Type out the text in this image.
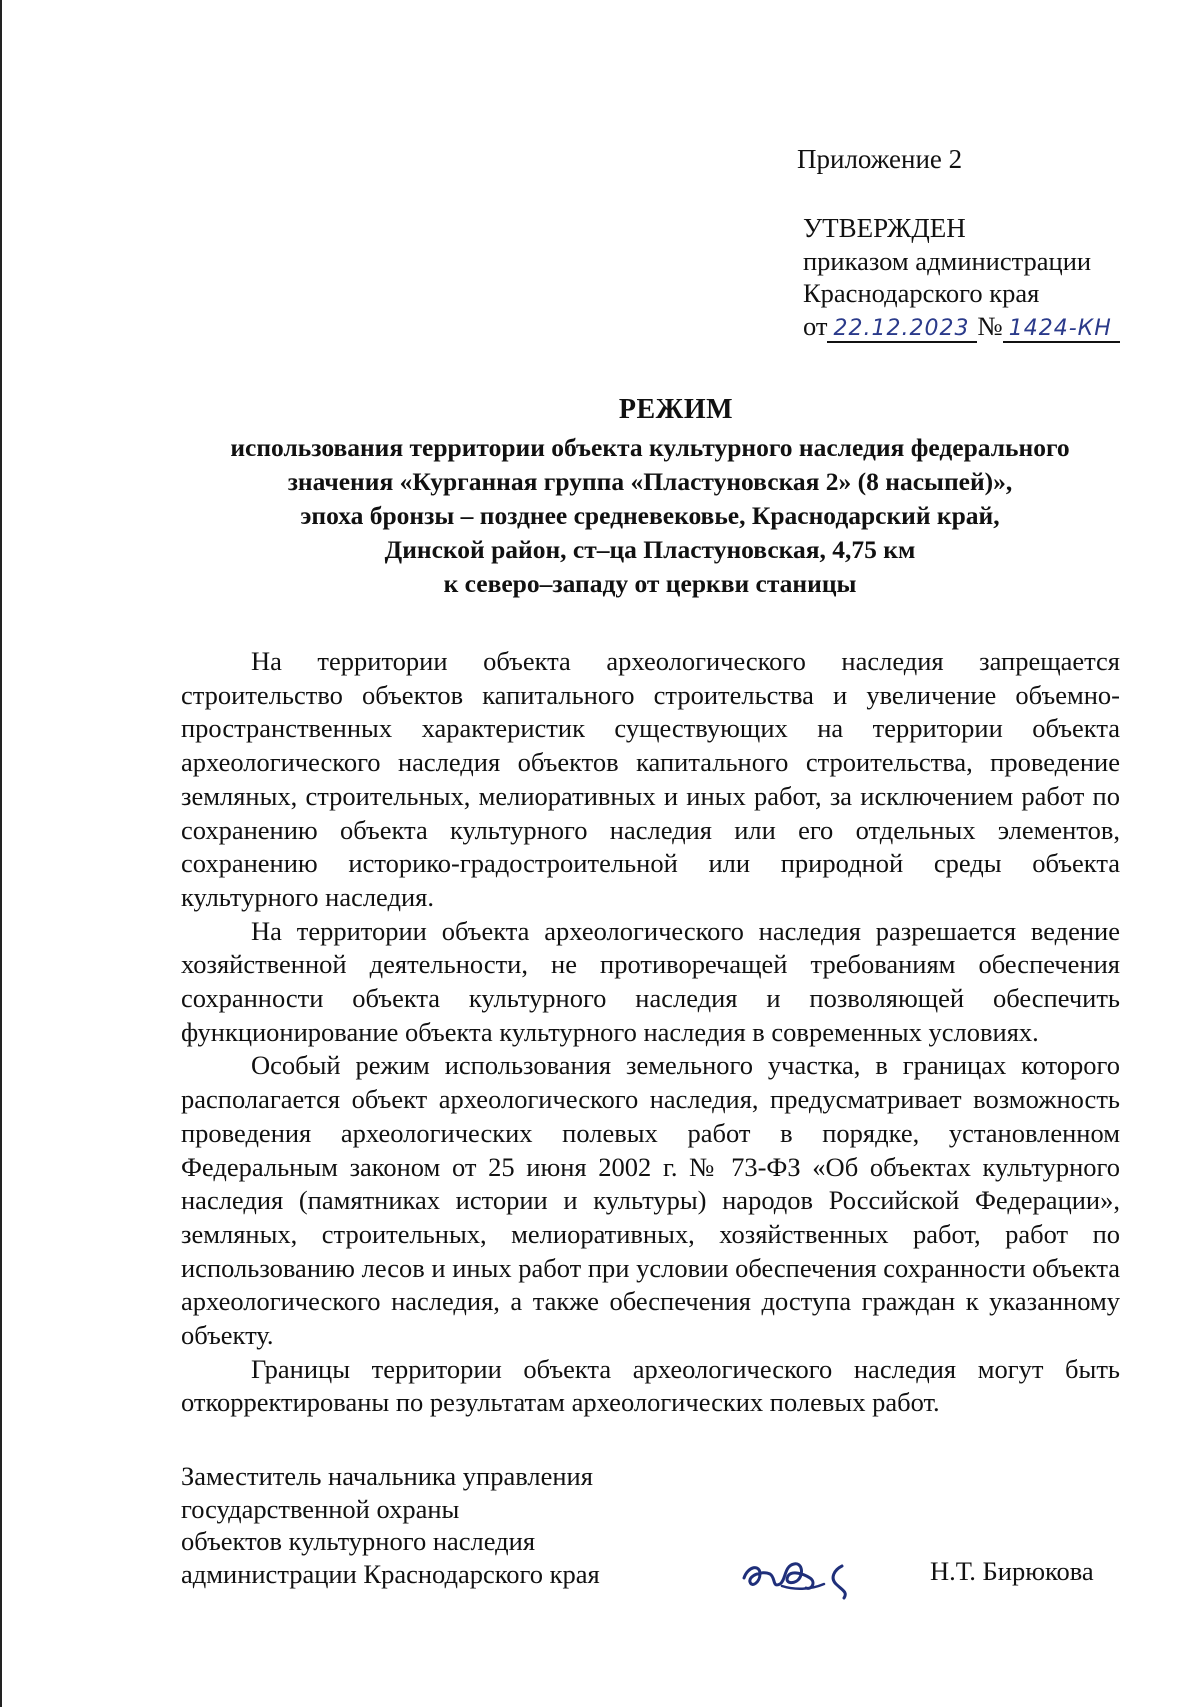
Приложение 2
УТВЕРЖДЕН
приказом администрации
Краснодарского края
от 22.12.2023 № 1424-КН
РЕЖИМ
использования территории объекта культурного наследия федерального
значения «Курганная группа «Пластуновская 2» (8 насыпей)»,
эпоха бронзы – позднее средневековье, Краснодарский край,
Динской район, ст–ца Пластуновская, 4,75 км
к северо–западу от церкви станицы

На территории объекта археологического наследия запрещается строительство объектов капитального строительства и увеличение объемно-пространственных характеристик существующих на территории объекта археологического наследия объектов капитального строительства, проведение земляных, строительных, мелиоративных и иных работ, за исключением работ по сохранению объекта культурного наследия или его отдельных элементов, сохранению историко-градостроительной или природной среды объекта культурного наследия.

На территории объекта археологического наследия разрешается ведение хозяйственной деятельности, не противоречащей требованиям обеспечения сохранности объекта культурного наследия и позволяющей обеспечить функционирование объекта культурного наследия в современных условиях.

Особый режим использования земельного участка, в границах которого располагается объект археологического наследия, предусматривает возможность проведения археологических полевых работ в порядке, установленном Федеральным законом от 25 июня 2002 г. № 73-ФЗ «Об объектах культурного наследия (памятниках истории и культуры) народов Российской Федерации», земляных, строительных, мелиоративных, хозяйственных работ, работ по использованию лесов и иных работ при условии обеспечения сохранности объекта археологического наследия, а также обеспечения доступа граждан к указанному объекту.

Границы территории объекта археологического наследия могут быть откорректированы по результатам археологических полевых работ.

Заместитель начальника управления
государственной охраны
объектов культурного наследия
администрации Краснодарского края	Н.Т. Бирюкова
